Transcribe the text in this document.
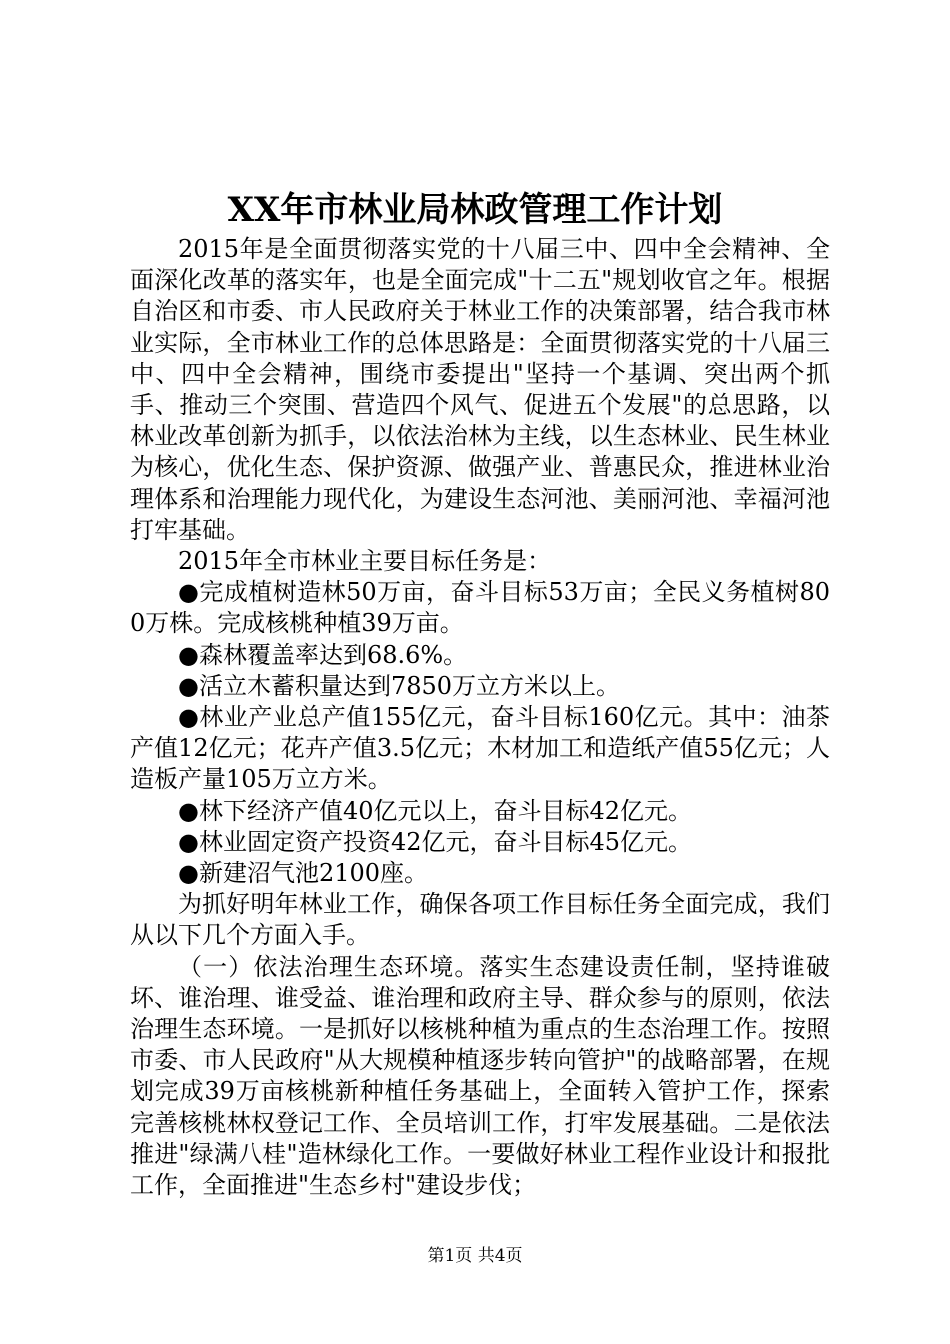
XX年市林业局林政管理工作计划

2015年是全面贯彻落实党的十八届三中、四中全会精神、全面深化改革的落实年，也是全面完成"十二五"规划收官之年。根据自治区和市委、市人民政府关于林业工作的决策部署，结合我市林业实际，全市林业工作的总体思路是：全面贯彻落实党的十八届三中、四中全会精神，围绕市委提出"坚持一个基调、突出两个抓手、推动三个突围、营造四个风气、促进五个发展"的总思路，以林业改革创新为抓手，以依法治林为主线，以生态林业、民生林业为核心，优化生态、保护资源、做强产业、普惠民众，推进林业治理体系和治理能力现代化，为建设生态河池、美丽河池、幸福河池打牢基础。

2015年全市林业主要目标任务是：

●完成植树造林50万亩，奋斗目标53万亩；全民义务植树800万株。完成核桃种植39万亩。

●森林覆盖率达到68.6%。

●活立木蓄积量达到7850万立方米以上。

●林业产业总产值155亿元，奋斗目标160亿元。其中：油茶产值12亿元；花卉产值3.5亿元；木材加工和造纸产值55亿元；人造板产量105万立方米。

●林下经济产值40亿元以上，奋斗目标42亿元。

●林业固定资产投资42亿元，奋斗目标45亿元。

●新建沼气池2100座。

为抓好明年林业工作，确保各项工作目标任务全面完成，我们从以下几个方面入手。

（一）依法治理生态环境。落实生态建设责任制，坚持谁破坏、谁治理、谁受益、谁治理和政府主导、群众参与的原则，依法治理生态环境。一是抓好以核桃种植为重点的生态治理工作。按照市委、市人民政府"从大规模种植逐步转向管护"的战略部署，在规划完成39万亩核桃新种植任务基础上，全面转入管护工作，探索完善核桃林权登记工作、全员培训工作，打牢发展基础。二是依法推进"绿满八桂"造林绿化工作。一要做好林业工程作业设计和报批工作，全面推进"生态乡村"建设步伐；

第1页 共4页
